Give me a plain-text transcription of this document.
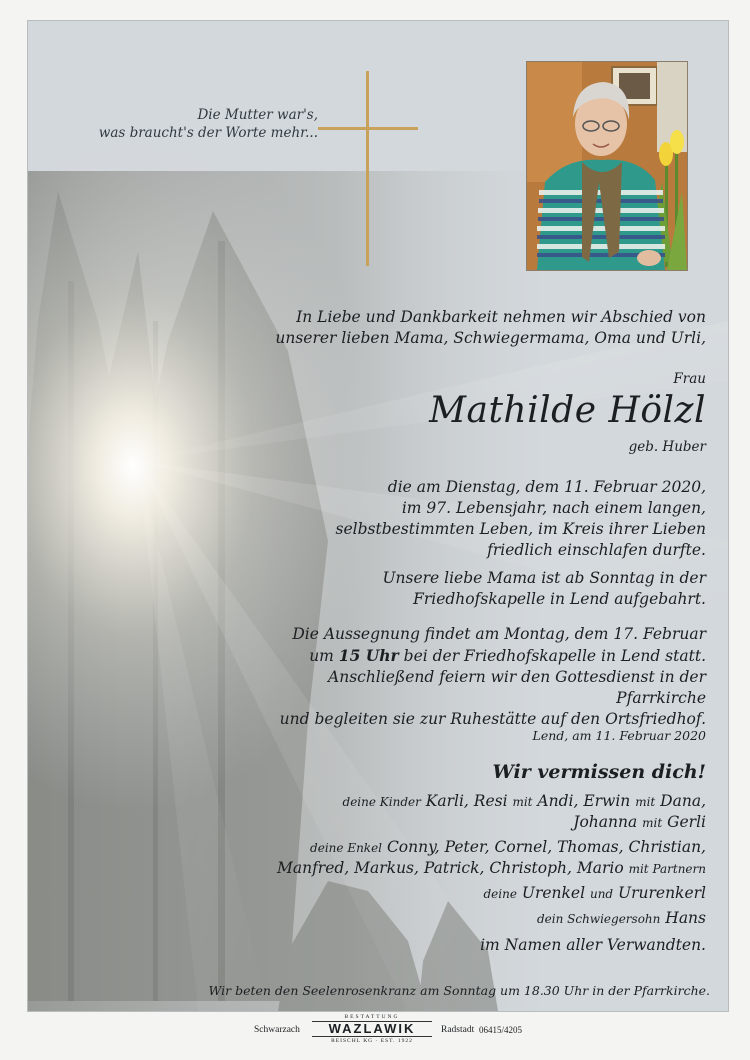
Die Mutter war's,
was braucht's der Worte mehr...
In Liebe und Dankbarkeit nehmen wir Abschied von
unserer lieben Mama, Schwiegermama, Oma und Urli,
Frau
Mathilde Hölzl
geb. Huber
die am Dienstag, dem 11. Februar 2020,
im 97. Lebensjahr, nach einem langen,
selbstbestimmten Leben, im Kreis ihrer Lieben
friedlich einschlafen durfte.
Unsere liebe Mama ist ab Sonntag in der
Friedhofskapelle in Lend aufgebahrt.
Die Aussegnung findet am Montag, dem 17. Februar
um 15 Uhr bei der Friedhofskapelle in Lend statt.
Anschließend feiern wir den Gottesdienst in der Pfarrkirche
und begleiten sie zur Ruhestätte auf den Ortsfriedhof.
Lend, am 11. Februar 2020
Wir vermissen dich!
deine Kinder Karli, Resi mit Andi, Erwin mit Dana,
Johanna mit Gerli
deine Enkel Conny, Peter, Cornel, Thomas, Christian,
Manfred, Markus, Patrick, Christoph, Mario mit Partnern
deine Urenkel und Ururenkerl
dein Schwiegersohn Hans
im Namen aller Verwandten.
Wir beten den Seelenrosenkranz am Sonntag um 18.30 Uhr in der Pfarrkirche.
Schwarzach
BESTATTUNG
WAZLAWIK
REISCHL KG · EST. 1922
Radstadt 06415/4205
